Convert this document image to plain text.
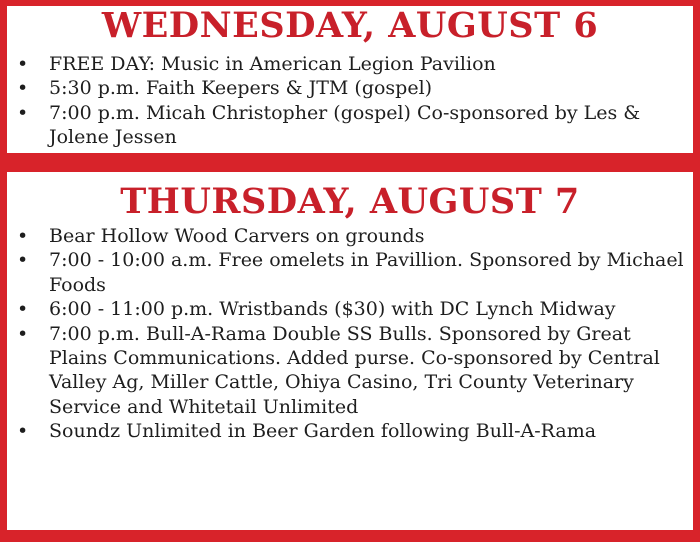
WEDNESDAY, AUGUST 6
• FREE DAY: Music in American Legion Pavilion
• 5:30 p.m. Faith Keepers & JTM (gospel)
• 7:00 p.m. Micah Christopher (gospel) Co-sponsored by Les & Jolene Jessen
THURSDAY, AUGUST 7
• Bear Hollow Wood Carvers on grounds
• 7:00 - 10:00 a.m. Free omelets in Pavillion. Sponsored by Michael Foods
• 6:00 - 11:00 p.m. Wristbands ($30) with DC Lynch Midway
• 7:00 p.m. Bull-A-Rama Double SS Bulls. Sponsored by Great Plains Communications. Added purse. Co-sponsored by Central Valley Ag, Miller Cattle, Ohiya Casino, Tri County Veterinary Service and Whitetail Unlimited
• Soundz Unlimited in Beer Garden following Bull-A-Rama
